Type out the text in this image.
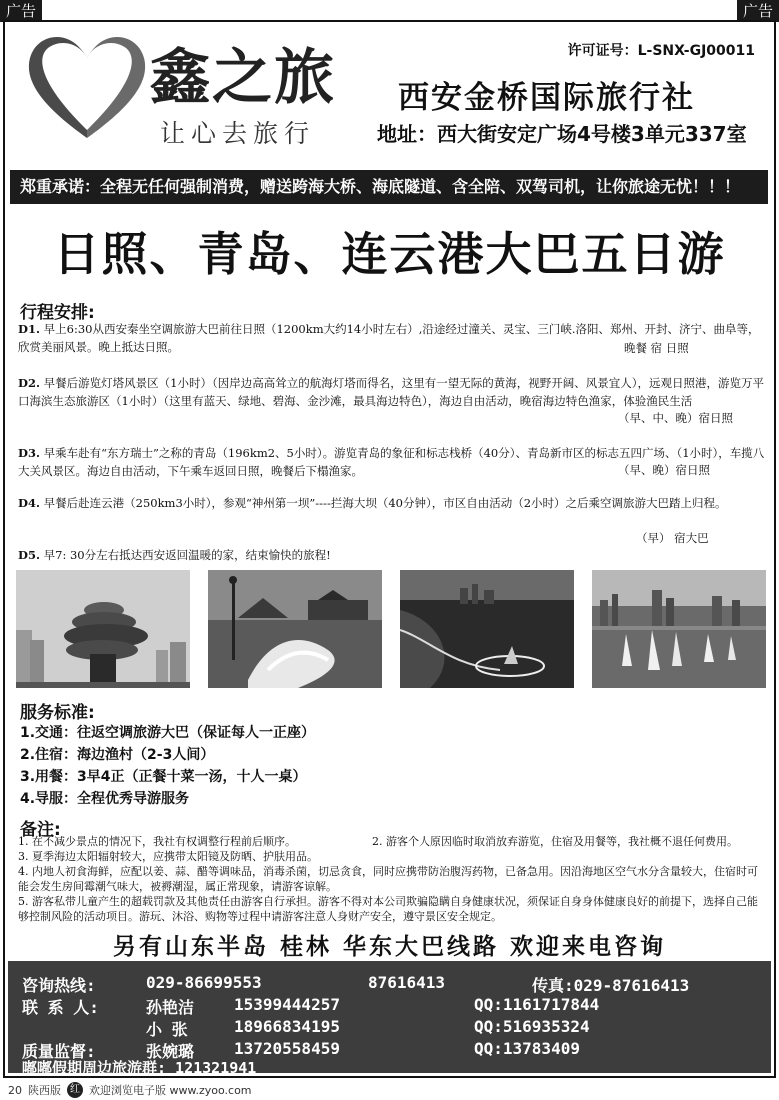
广告	广告
鑫之旅
让心去旅行
许可证号：L-SNX-GJ00011
西安金桥国际旅行社
地址：西大街安定广场4号楼3单元337室
郑重承诺：全程无任何强制消费，赠送跨海大桥、海底隧道、含全陪、双驾司机，让你旅途无忧！！！
日照、青岛、连云港大巴五日游
行程安排:
D1. 早上6:30从西安秦坐空调旅游大巴前往日照（1200km大约14小时左右）,沿途经过潼关、灵宝、三门峡.洛阳、郑州、开封、济宁、曲阜等，欣赏美丽风景。晚上抵达日照。	晚餐 宿 日照
D2. 早餐后游览灯塔风景区（1小时）（因岸边高高耸立的航海灯塔而得名，这里有一望无际的黄海，视野开阔、风景宜人），远观日照港，游览万平口海滨生态旅游区（1小时）（这里有蓝天、绿地、碧海、金沙滩，最具海边特色），海边自由活动，晚宿海边特色渔家，体验渔民生活
（早、中、晚）宿日照
D3. 早乘车赴有“东方瑞士”之称的青岛（196km2、5小时）。游览青岛的象征和标志栈桥（40分）、青岛新市区的标志五四广场、（1小时），车揽八大关风景区。海边自由活动，下午乘车返回日照，晚餐后下榻渔家。	（早、晚）宿日照
D4. 早餐后赴连云港（250km3小时），参观“神州第一坝”----拦海大坝（40分钟），市区自由活动（2小时）之后乘空调旅游大巴踏上归程。
（早） 宿大巴
D5. 早7: 30分左右抵达西安返回温暖的家，结束愉快的旅程!
服务标准:
1.交通：往返空调旅游大巴（保证每人一正座）
2.住宿：海边渔村（2-3人间）
3.用餐：3早4正（正餐十菜一汤，十人一桌）
4.导服：全程优秀导游服务
备注:
1. 在不减少景点的情况下，我社有权调整行程前后顺序。	2. 游客个人原因临时取消放弃游览，住宿及用餐等，我社概不退任何费用。
3. 夏季海边太阳辐射较大，应携带太阳镜及防晒、护肤用品。
4. 内地人初食海鲜，应配以姜、蒜、醋等调味品，消毒杀菌，切忌贪食，同时应携带防治腹泻药物，已备急用。因沿海地区空气水分含量较大，住宿时可能会发生房间霉潮气味大，被褥潮湿，属正常现象，请游客谅解。
5. 游客私带儿童产生的超载罚款及其他责任由游客自行承担。游客不得对本公司欺骗隐瞒自身健康状况，须保证自身身体健康良好的前提下，选择自己能够控制风险的活动项目。游玩、沐浴、购物等过程中请游客注意人身财产安全，遵守景区安全规定。
另有山东半岛 桂林 华东大巴线路 欢迎来电咨询
咨询热线:	029-86699553	87616413	传真:029-87616413
联 系 人:	孙艳洁 15399444257	QQ:1161717844
小 张	18966834195	QQ:516935324
质量监督:	张婉璐 13720558459	QQ:13783409
嘟嘟假期周边旅游群: 121321941
20 陕西版 红 欢迎浏览电子版 www.zyoo.com
